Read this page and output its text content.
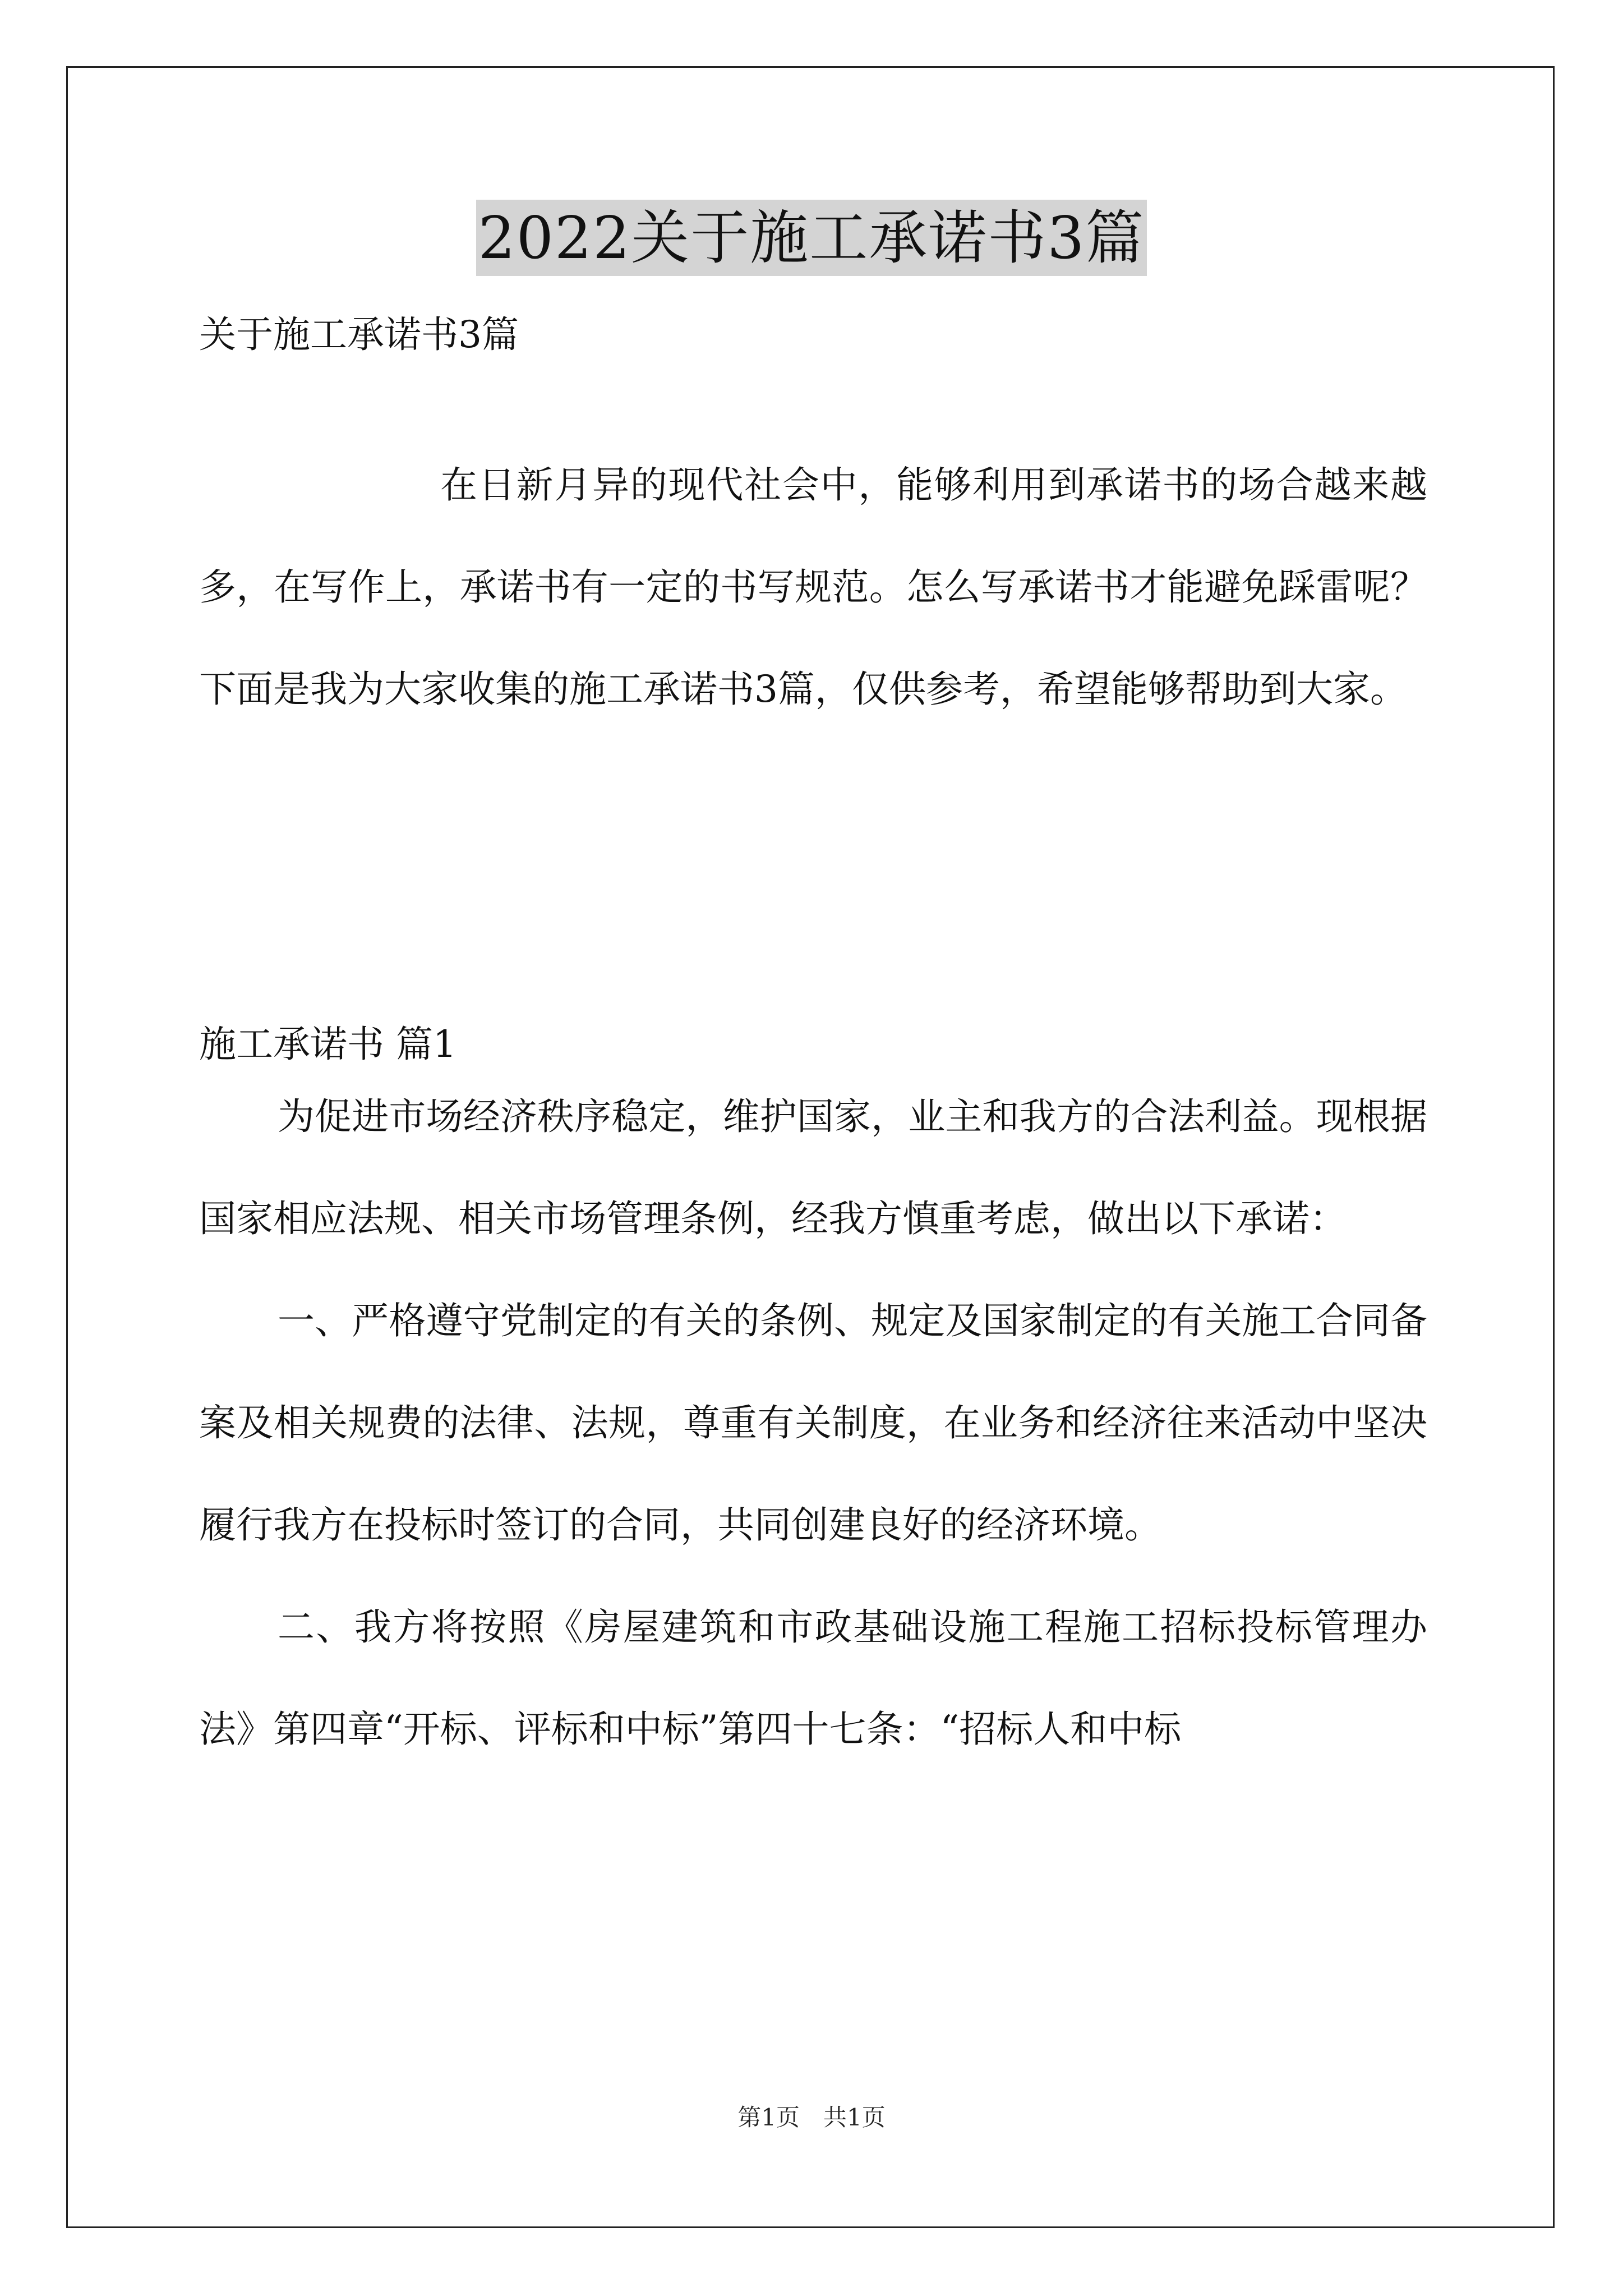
2022关于施工承诺书3篇
关于施工承诺书3篇

在日新月异的现代社会中，能够利用到承诺书的场合越来越多，在写作上，承诺书有一定的书写规范。怎么写承诺书才能避免踩雷呢？下面是我为大家收集的施工承诺书3篇，仅供参考，希望能够帮助到大家。

施工承诺书 篇1

为促进市场经济秩序稳定，维护国家，业主和我方的合法利益。现根据国家相应法规、相关市场管理条例，经我方慎重考虑，做出以下承诺：

一、严格遵守党制定的有关的条例、规定及国家制定的有关施工合同备案及相关规费的法律、法规，尊重有关制度，在业务和经济往来活动中坚决履行我方在投标时签订的合同，共同创建良好的经济环境。

二、我方将按照《房屋建筑和市政基础设施工程施工招标投标管理办法》第四章“开标、评标和中标”第四十七条：“招标人和中标

第1页　共1页
